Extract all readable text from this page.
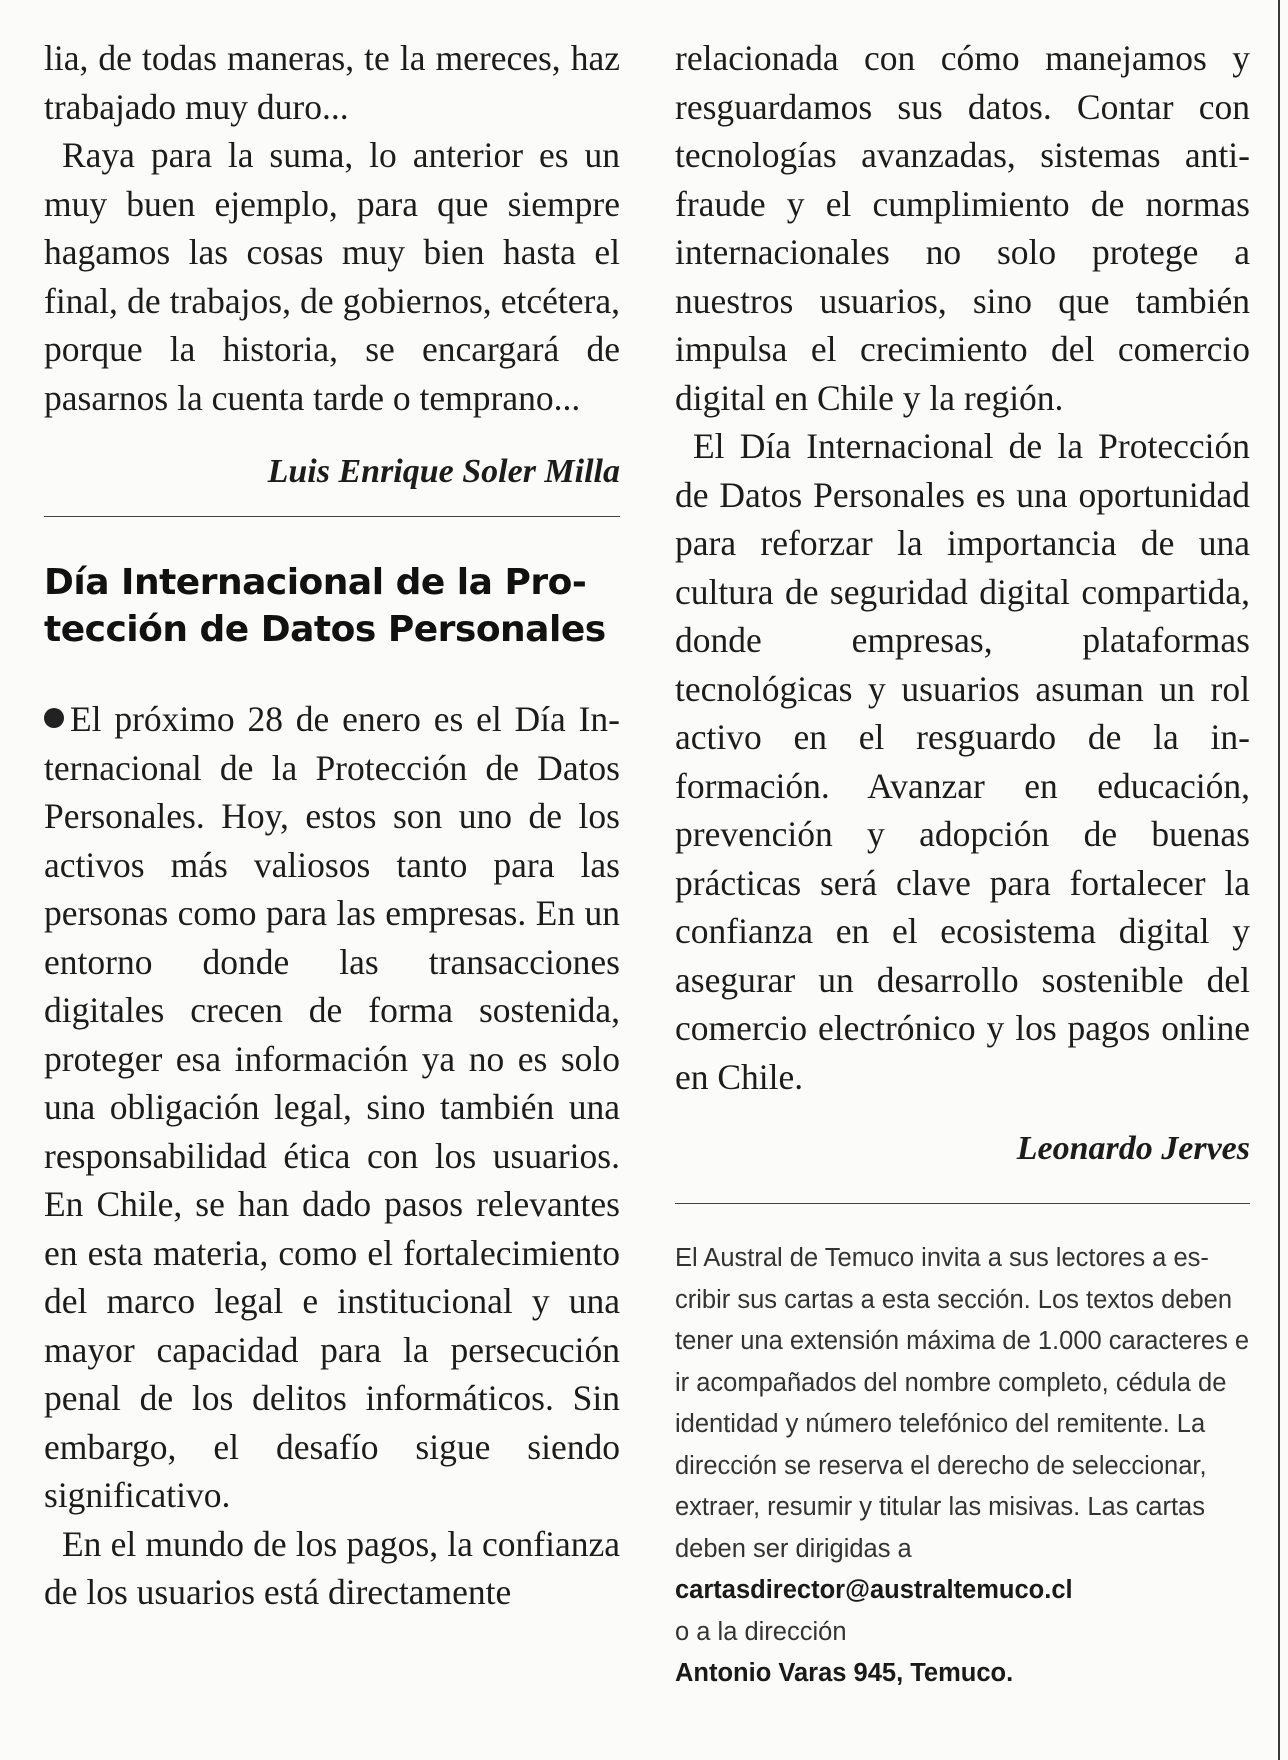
lia, de todas maneras, te la mereces, haz trabajado muy duro...

Raya para la suma, lo anterior es un muy buen ejemplo, para que siempre hagamos las cosas muy bien hasta el final, de trabajos, de gobiernos, etcétera, porque la historia, se encargará de pasarnos la cuenta tarde o temprano...

Luis Enrique Soler Milla

Día Internacional de la Protección de Datos Personales

El próximo 28 de enero es el Día Internacional de la Protección de Datos Personales. Hoy, estos son uno de los activos más valiosos tanto para las personas como para las empresas. En un entorno donde las transacciones digitales crecen de forma sostenida, proteger esa información ya no es solo una obligación legal, sino también una responsabilidad ética con los usuarios. En Chile, se han dado pasos relevantes en esta materia, como el fortalecimiento del marco legal e institucional y una mayor capacidad para la persecución penal de los delitos informáticos. Sin embargo, el desafío sigue siendo significativo.

En el mundo de los pagos, la confianza de los usuarios está directamente

relacionada con cómo manejamos y resguardamos sus datos. Contar con tecnologías avanzadas, sistemas antifraude y el cumplimiento de normas internacionales no solo protege a nuestros usuarios, sino que también impulsa el crecimiento del comercio digital en Chile y la región.

El Día Internacional de la Protección de Datos Personales es una oportunidad para reforzar la importancia de una cultura de seguridad digital compartida, donde empresas, plataformas tecnológicas y usuarios asuman un rol activo en el resguardo de la información. Avanzar en educación, prevención y adopción de buenas prácticas será clave para fortalecer la confianza en el ecosistema digital y asegurar un desarrollo sostenible del comercio electrónico y los pagos online en Chile.

Leonardo Jerves

El Austral de Temuco invita a sus lectores a escribir sus cartas a esta sección. Los textos deben tener una extensión máxima de 1.000 caracteres e ir acompañados del nombre completo, cédula de identidad y número telefónico del remitente. La dirección se reserva el derecho de seleccionar, extraer, resumir y titular las misivas. Las cartas deben ser dirigidas a

cartasdirector@australtemuco.cl

o a la dirección

Antonio Varas 945, Temuco.
